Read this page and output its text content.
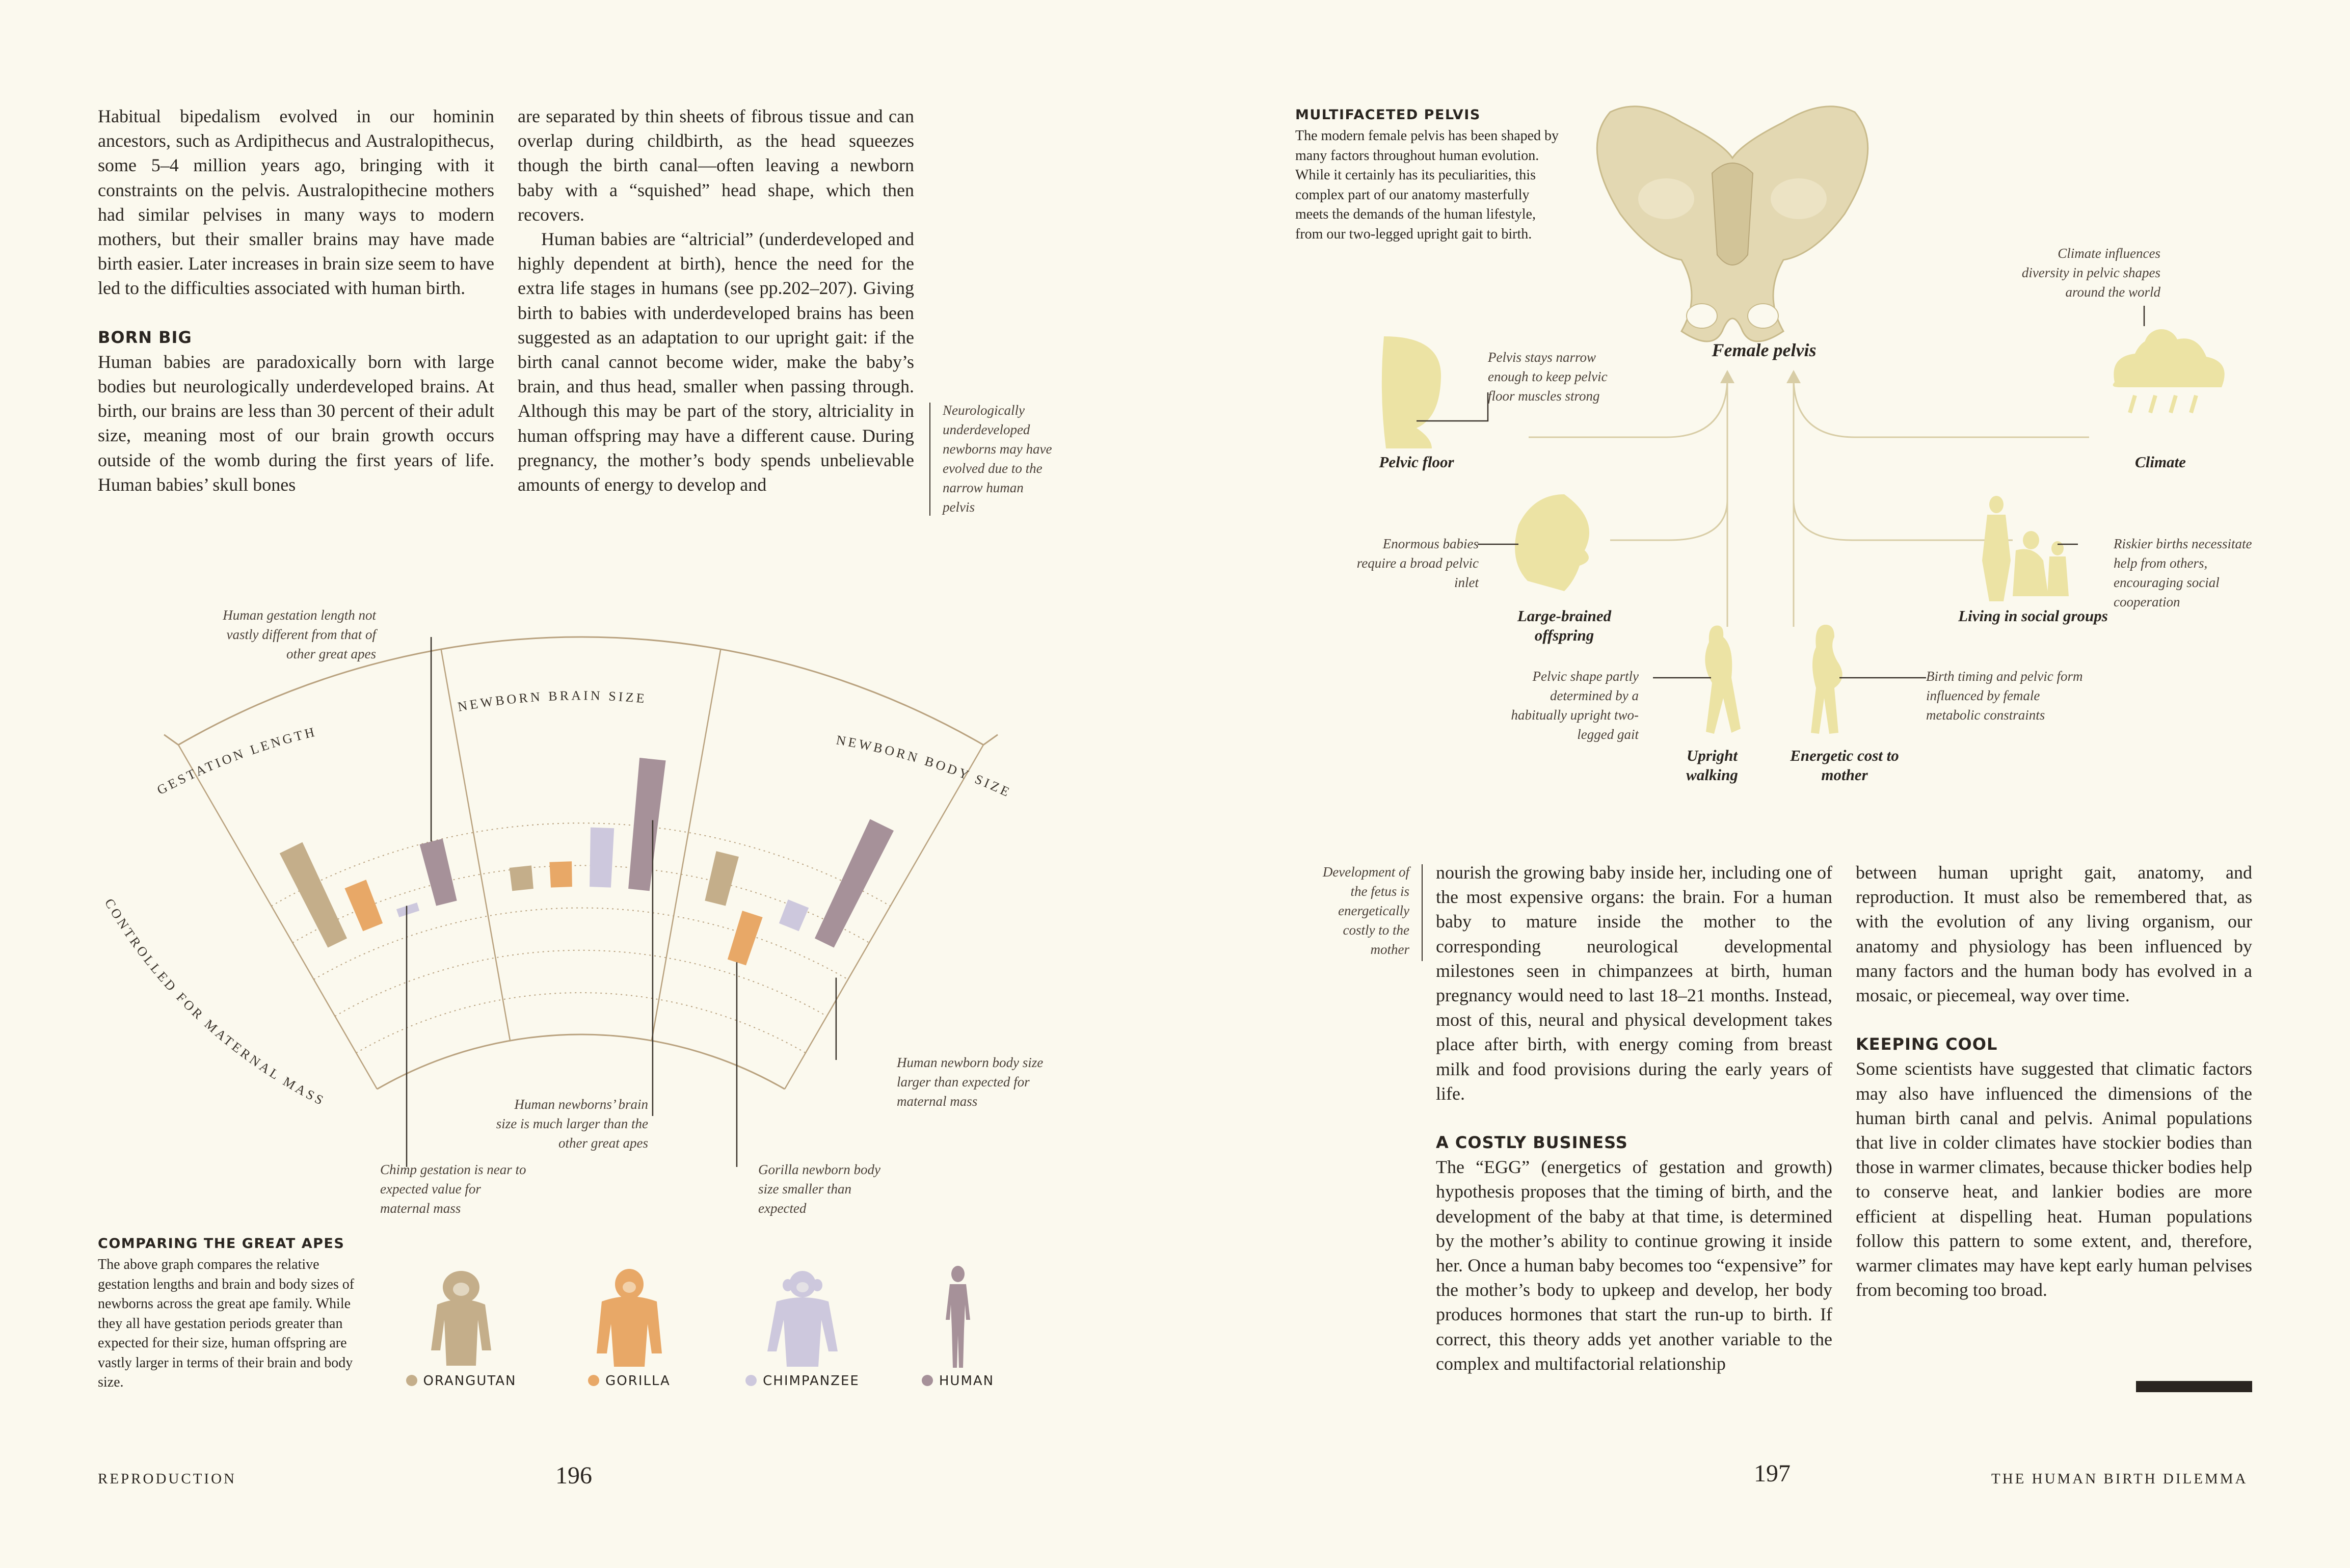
Habitual bipedalism evolved in our hominin ancestors, such as Ardipithecus and Australopithecus, some 5–4 million years ago, bringing with it constraints on the pelvis. Australopithecine mothers had similar pelvises in many ways to modern mothers, but their smaller brains may have made birth easier. Later increases in brain size seem to have led to the difficulties associated with human birth.

BORN BIG

Human babies are paradoxically born with large bodies but neurologically underdeveloped brains. At birth, our brains are less than 30 percent of their adult size, meaning most of our brain growth occurs outside of the womb during the first years of life. Human babies’ skull bones

are separated by thin sheets of fibrous tissue and can overlap during childbirth, as the head squeezes though the birth canal—often leaving a newborn baby with a “squished” head shape, which then recovers.

Human babies are “altricial” (underdeveloped and highly dependent at birth), hence the need for the extra life stages in humans (see pp.202–207). Giving birth to babies with underdeveloped brains has been suggested as an adaptation to our upright gait: if the birth canal cannot become wider, make the baby’s brain, and thus head, smaller when passing through. Although this may be part of the story, altriciality in human offspring may have a different cause. During pregnancy, the mother’s body spends unbelievable amounts of energy to develop and

Neurologically underdeveloped newborns may have evolved due to the narrow human pelvis
GESTATION LENGTH
NEWBORN BRAIN SIZE
NEWBORN BODY SIZE
CONTROLLED FOR MATERNAL MASS
Human gestation length not vastly different from that of other great apes
Chimp gestation is near to expected value for maternal mass
Human newborns’ brain size is much larger than the other great apes
Gorilla newborn body size smaller than expected
Human newborn body size larger than expected for maternal mass
COMPARING THE GREAT APES
The above graph compares the relative gestation lengths and brain and body sizes of newborns across the great ape family. While they all have gestation periods greater than expected for their size, human offspring are vastly larger in terms of their brain and body size.	ORANGUTAN	GORILLA	CHIMPANZEE	HUMAN
REPRODUCTION	196
MULTIFACETED PELVIS
The modern female pelvis has been shaped by many factors throughout human evolution. While it certainly has its peculiarities, this complex part of our anatomy masterfully meets the demands of the human lifestyle, from our two-legged upright gait to birth.
Female pelvis
Pelvic floor	Climate
Large-brained offspring
Living in social groups
Upright walking
Energetic cost to mother
Pelvis stays narrow enough to keep pelvic floor muscles strong
Climate influences diversity in pelvic shapes around the world
Enormous babies require a broad pelvic inlet
Riskier births necessitate help from others, encouraging social cooperation
Pelvic shape partly determined by a habitually upright two-legged gait
Birth timing and pelvic form influenced by female metabolic constraints
Development of the fetus is energetically costly to the mother

nourish the growing baby inside her, including one of the most expensive organs: the brain. For a human baby to mature inside the mother to the corresponding neurological developmental milestones seen in chimpanzees at birth, human pregnancy would need to last 18–21 months. Instead, most of this, neural and physical development takes place after birth, with energy coming from breast milk and food provisions during the early years of life.

A COSTLY BUSINESS

The “EGG” (energetics of gestation and growth) hypothesis proposes that the timing of birth, and the development of the baby at that time, is determined by the mother’s ability to continue growing it inside her. Once a human baby becomes too “expensive” for the mother’s body to upkeep and develop, her body produces hormones that start the run-up to birth. If correct, this theory adds yet another variable to the complex and multifactorial relationship

between human upright gait, anatomy, and reproduction. It must also be remembered that, as with the evolution of any living organism, our anatomy and physiology has been influenced by many factors and the human body has evolved in a mosaic, or piecemeal, way over time.

KEEPING COOL

Some scientists have suggested that climatic factors may also have influenced the dimensions of the human birth canal and pelvis. Animal populations that live in colder climates have stockier bodies than those in warmer climates, because thicker bodies help to conserve heat, and lankier bodies are more efficient at dispelling heat. Human populations follow this pattern to some extent, and, therefore, warmer climates may have kept early human pelvises from becoming too broad.

197	THE HUMAN BIRTH DILEMMA
